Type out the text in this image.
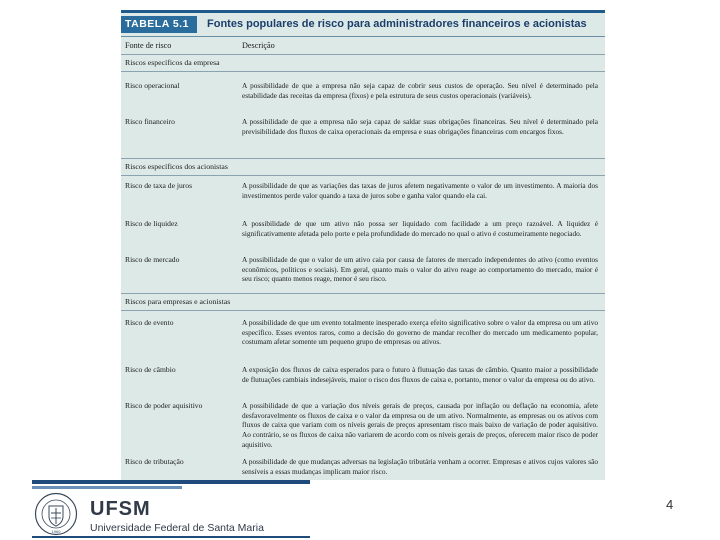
TABELA 5.1	Fontes populares de risco para administradores financeiros e acionistas
Fonte de risco	Descrição
Riscos específicos da empresa
Risco operacional	A possibilidade de que a empresa não seja capaz de cobrir seus custos de operação. Seu nível é determinado pela estabilidade das receitas da empresa (fixos) e pela estrutura de seus custos operacionais (variáveis).
Risco financeiro	A possibilidade de que a empresa não seja capaz de saldar suas obrigações financeiras. Seu nível é determinado pela previsibilidade dos fluxos de caixa operacionais da empresa e suas obrigações financeiras com encargos fixos.
Riscos específicos dos acionistas
Risco de taxa de juros	A possibilidade de que as variações das taxas de juros afetem negativamente o valor de um investimento. A maioria dos investimentos perde valor quando a taxa de juros sobe e ganha valor quando ela cai.
Risco de liquidez	A possibilidade de que um ativo não possa ser liquidado com facilidade a um preço razoável. A liquidez é significativamente afetada pelo porte e pela profundidade do mercado no qual o ativo é costumeiramente negociado.
Risco de mercado	A possibilidade de que o valor de um ativo caia por causa de fatores de mercado independentes do ativo (como eventos econômicos, políticos e sociais). Em geral, quanto mais o valor do ativo reage ao comportamento do mercado, maior é seu risco; quanto menos reage, menor é seu risco.
Riscos para empresas e acionistas
Risco de evento	A possibilidade de que um evento totalmente inesperado exerça efeito significativo sobre o valor da empresa ou um ativo específico. Esses eventos raros, como a decisão do governo de mandar recolher do mercado um medicamento popular, costumam afetar somente um pequeno grupo de empresas ou ativos.
Risco de câmbio	A exposição dos fluxos de caixa esperados para o futuro à flutuação das taxas de câmbio. Quanto maior a possibilidade de flutuações cambiais indesejáveis, maior o risco dos fluxos de caixa e, portanto, menor o valor da empresa ou do ativo.
Risco de poder aquisitivo	A possibilidade de que a variação dos níveis gerais de preços, causada por inflação ou deflação na economia, afete desfavoravelmente os fluxos de caixa e o valor da empresa ou de um ativo. Normalmente, as empresas ou os ativos com fluxos de caixa que variam com os níveis gerais de preços apresentam risco mais baixo de variação de poder aquisitivo. Ao contrário, se os fluxos de caixa não variarem de acordo com os níveis gerais de preços, oferecem maior risco de poder aquisitivo.
Risco de tributação	A possibilidade de que mudanças adversas na legislação tributária venham a ocorrer. Empresas e ativos cujos valores são sensíveis a essas mudanças implicam maior risco.
1960
UFSM
Universidade Federal de Santa Maria
4
